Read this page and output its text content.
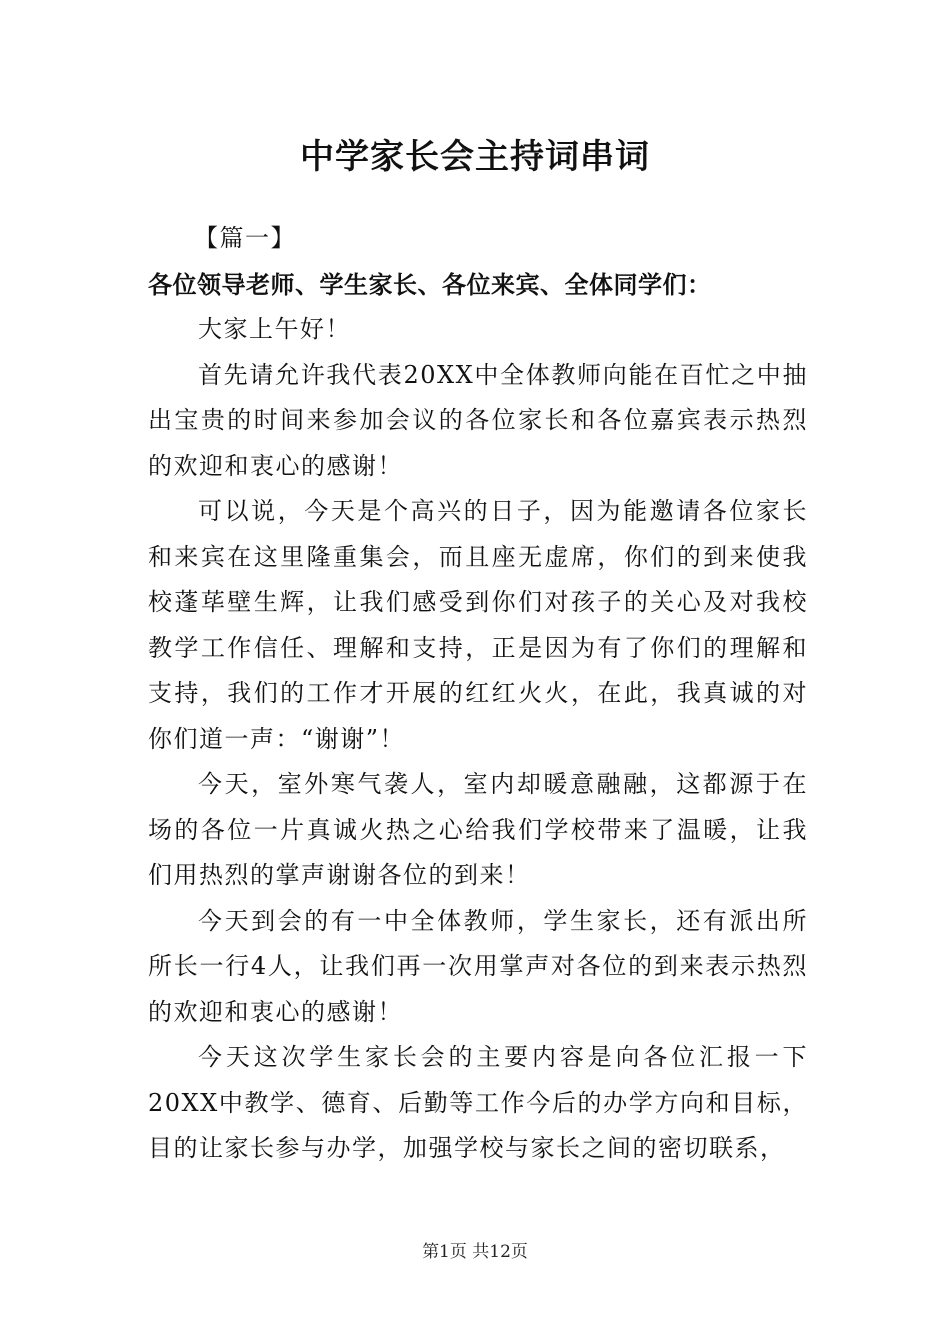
中学家长会主持词串词

【篇一】

各位领导老师、学生家长、各位来宾、全体同学们：

大家上午好！

首先请允许我代表20XX中全体教师向能在百忙之中抽出宝贵的时间来参加会议的各位家长和各位嘉宾表示热烈的欢迎和衷心的感谢！

可以说，今天是个高兴的日子，因为能邀请各位家长和来宾在这里隆重集会，而且座无虚席，你们的到来使我校蓬荜壁生辉，让我们感受到你们对孩子的关心及对我校教学工作信任、理解和支持，正是因为有了你们的理解和支持，我们的工作才开展的红红火火，在此，我真诚的对你们道一声：“谢谢”！

今天，室外寒气袭人，室内却暖意融融，这都源于在场的各位一片真诚火热之心给我们学校带来了温暖，让我们用热烈的掌声谢谢各位的到来！

今天到会的有一中全体教师，学生家长，还有派出所所长一行4人，让我们再一次用掌声对各位的到来表示热烈的欢迎和衷心的感谢！

今天这次学生家长会的主要内容是向各位汇报一下20XX中教学、德育、后勤等工作今后的办学方向和目标，目的让家长参与办学，加强学校与家长之间的密切联系，

第1页 共12页
